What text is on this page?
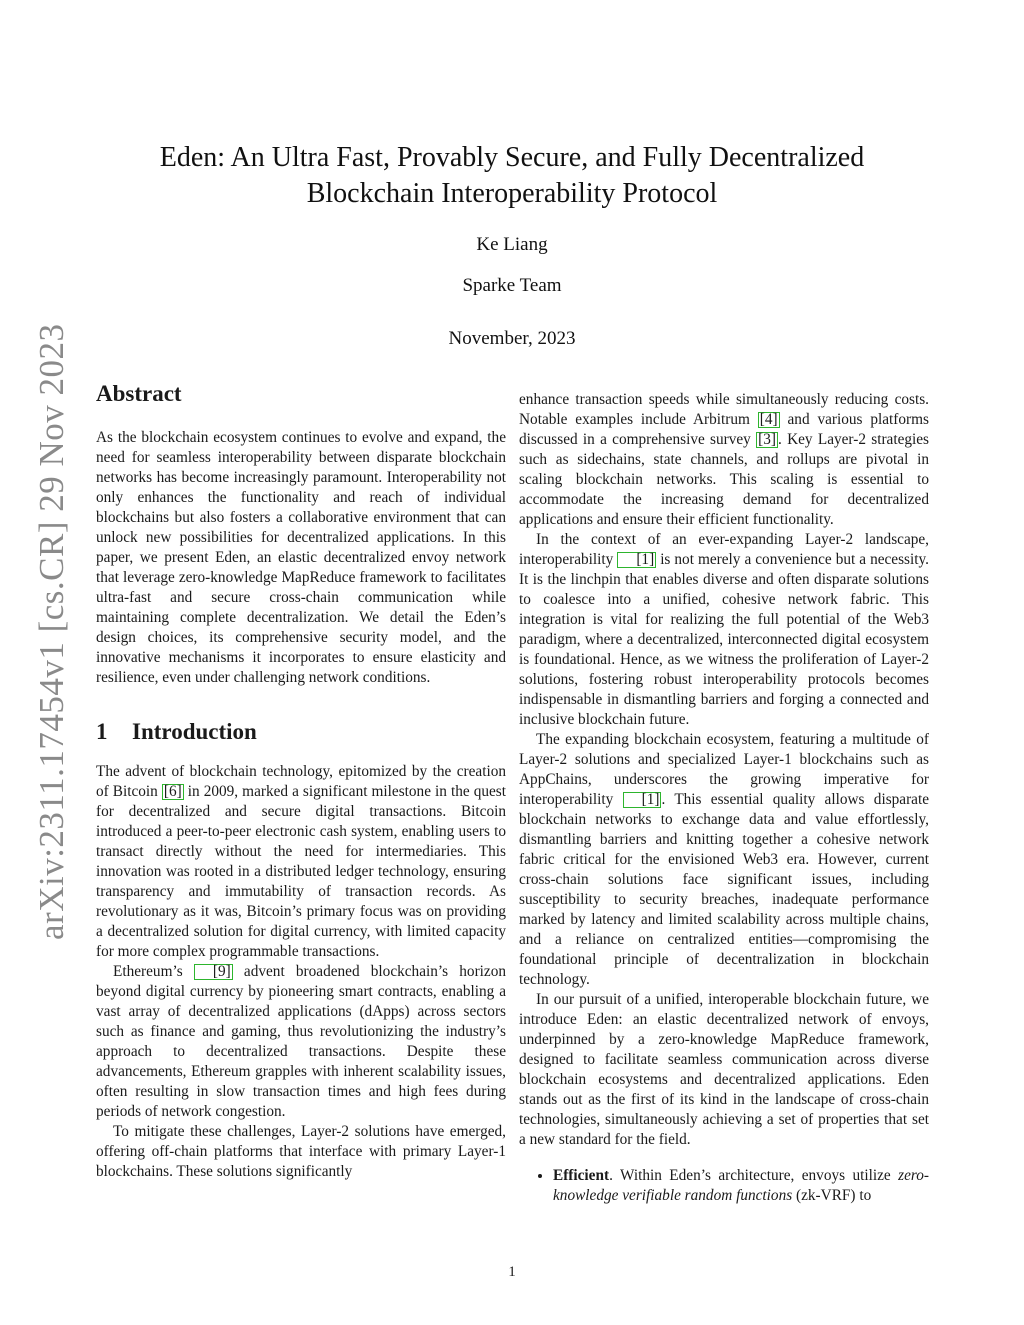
arXiv:2311.17454v1 [cs.CR] 29 Nov 2023
Eden: An Ultra Fast, Provably Secure, and Fully Decentralized
Blockchain Interoperability Protocol
Ke Liang
Sparke Team
November, 2023
Abstract

As the blockchain ecosystem continues to evolve and expand, the need for seamless interoperability between disparate blockchain networks has become increasingly paramount. Interoperability not only enhances the functionality and reach of individual blockchains but also fosters a collaborative environment that can unlock new possibilities for decentralized applications. In this paper, we present Eden, an elastic decentralized envoy network that leverage zero-knowledge MapReduce framework to facilitates ultra-fast and secure cross-chain communication while maintaining complete decentralization. We detail the Eden’s design choices, its comprehensive security model, and the innovative mechanisms it incorporates to ensure elasticity and resilience, even under challenging network conditions.

1 Introduction

The advent of blockchain technology, epitomized by the creation of Bitcoin [6] in 2009, marked a significant milestone in the quest for decentralized and secure digital transactions. Bitcoin introduced a peer-to-peer electronic cash system, enabling users to transact directly without the need for intermediaries. This innovation was rooted in a distributed ledger technology, ensuring transparency and immutability of transaction records. As revolutionary as it was, Bitcoin’s primary focus was on providing a decentralized solution for digital currency, with limited capacity for more complex programmable transactions.

Ethereum’s [9] advent broadened blockchain’s horizon beyond digital currency by pioneering smart contracts, enabling a vast array of decentralized applications (dApps) across sectors such as finance and gaming, thus revolutionizing the industry’s approach to decentralized transactions. Despite these advancements, Ethereum grapples with inherent scalability issues, often resulting in slow transaction times and high fees during periods of network congestion.

To mitigate these challenges, Layer-2 solutions have emerged, offering off-chain platforms that interface with primary Layer-1 blockchains. These solutions significantly

enhance transaction speeds while simultaneously reducing costs. Notable examples include Arbitrum [4] and various platforms discussed in a comprehensive survey [3] . Key Layer-2 strategies such as sidechains, state channels, and rollups are pivotal in scaling blockchain networks. This scaling is essential to accommodate the increasing demand for decentralized applications and ensure their efficient functionality.

In the context of an ever-expanding Layer-2 landscape, interoperability [1] is not merely a convenience but a necessity. It is the linchpin that enables diverse and often disparate solutions to coalesce into a unified, cohesive network fabric. This integration is vital for realizing the full potential of the Web3 paradigm, where a decentralized, interconnected digital ecosystem is foundational. Hence, as we witness the proliferation of Layer-2 solutions, fostering robust interoperability protocols becomes indispensable in dismantling barriers and forging a connected and inclusive blockchain future.

The expanding blockchain ecosystem, featuring a multitude of Layer-2 solutions and specialized Layer-1 blockchains such as AppChains, underscores the growing imperative for interoperability [1] . This essential quality allows disparate blockchain networks to exchange data and value effortlessly, dismantling barriers and knitting together a cohesive network fabric critical for the envisioned Web3 era. However, current cross-chain solutions face significant issues, including susceptibility to security breaches, inadequate performance marked by latency and limited scalability across multiple chains, and a reliance on centralized entities—compromising the foundational principle of decentralization in blockchain technology.

In our pursuit of a unified, interoperable blockchain future, we introduce Eden: an elastic decentralized network of envoys, underpinned by a zero-knowledge MapReduce framework, designed to facilitate seamless communication across diverse blockchain ecosystems and decentralized applications. Eden stands out as the first of its kind in the landscape of cross-chain technologies, simultaneously achieving a set of properties that set a new standard for the field.

• Efficient. Within Eden’s architecture, envoys utilize zero-knowledge verifiable random functions (zk-VRF) to
1
